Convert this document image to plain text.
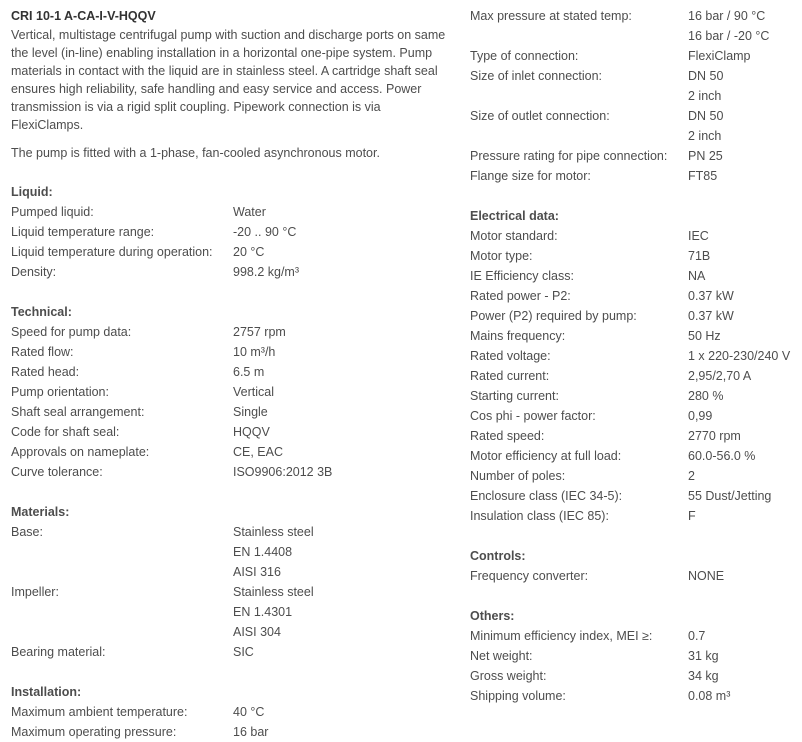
CRI 10-1 A-CA-I-V-HQQV

Vertical, multistage centrifugal pump with suction and discharge ports on same the level (in-line) enabling installation in a horizontal one-pipe system. Pump materials in contact with the liquid are in stainless steel. A cartridge shaft seal ensures high reliability, safe handling and easy service and access. Power transmission is via a rigid split coupling. Pipework connection is via FlexiClamps.

The pump is fitted with a 1-phase, fan-cooled asynchronous motor.

Liquid:
Pumped liquid:	Water
Liquid temperature range:	-20 .. 90 °C
Liquid temperature during operation:	20 °C
Density:	998.2 kg/m³
Technical:
Speed for pump data:	2757 rpm
Rated flow:	10 m³/h
Rated head:	6.5 m
Pump orientation:	Vertical
Shaft seal arrangement:	Single
Code for shaft seal:	HQQV
Approvals on nameplate:	CE, EAC
Curve tolerance:	ISO9906:2012 3B
Materials:
Base:	Stainless steel
EN 1.4408
AISI 316
Impeller:	Stainless steel
EN 1.4301
AISI 304
Bearing material:	SIC
Installation:
Maximum ambient temperature:	40 °C
Maximum operating pressure:	16 bar
Max pressure at stated temp:	16 bar / 90 °C
16 bar / -20 °C
Type of connection:	FlexiClamp
Size of inlet connection:	DN 50
2 inch
Size of outlet connection:	DN 50
2 inch
Pressure rating for pipe connection:	PN 25
Flange size for motor:	FT85
Electrical data:
Motor standard:	IEC
Motor type:	71B
IE Efficiency class:	NA
Rated power - P2:	0.37 kW
Power (P2) required by pump:	0.37 kW
Mains frequency:	50 Hz
Rated voltage:	1 x 220-230/240 V
Rated current:	2,95/2,70 A
Starting current:	280 %
Cos phi - power factor:	0,99
Rated speed:	2770 rpm
Motor efficiency at full load:	60.0-56.0 %
Number of poles:	2
Enclosure class (IEC 34-5):	55 Dust/Jetting
Insulation class (IEC 85):	F
Controls:
Frequency converter:	NONE
Others:
Minimum efficiency index, MEI ≥:	0.7
Net weight:	31 kg
Gross weight:	34 kg
Shipping volume:	0.08 m³
